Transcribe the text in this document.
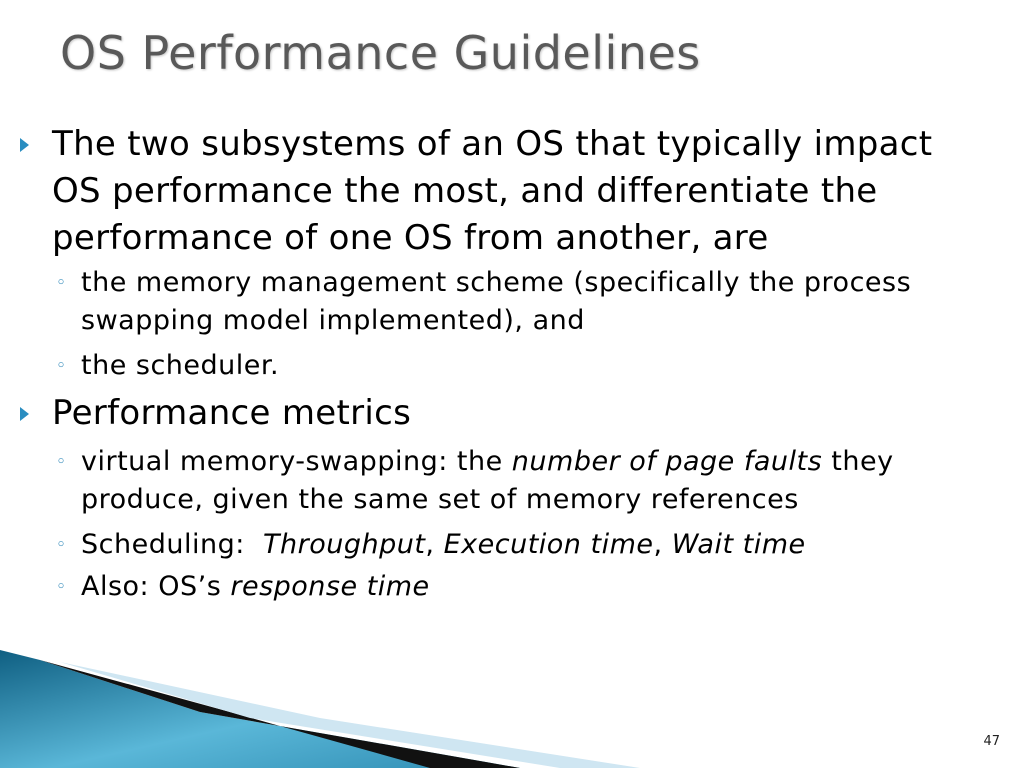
OS Performance Guidelines
The two subsystems of an OS that typically impact
OS performance the most, and differentiate the
performance of one OS from another, are
◦ the memory management scheme (specifically the process
swapping model implemented), and
◦ the scheduler.
Performance metrics
◦ virtual memory-swapping: the number of page faults they
produce, given the same set of memory references
◦ Scheduling:  Throughput, Execution time, Wait time
◦ Also: OS’s response time
47
